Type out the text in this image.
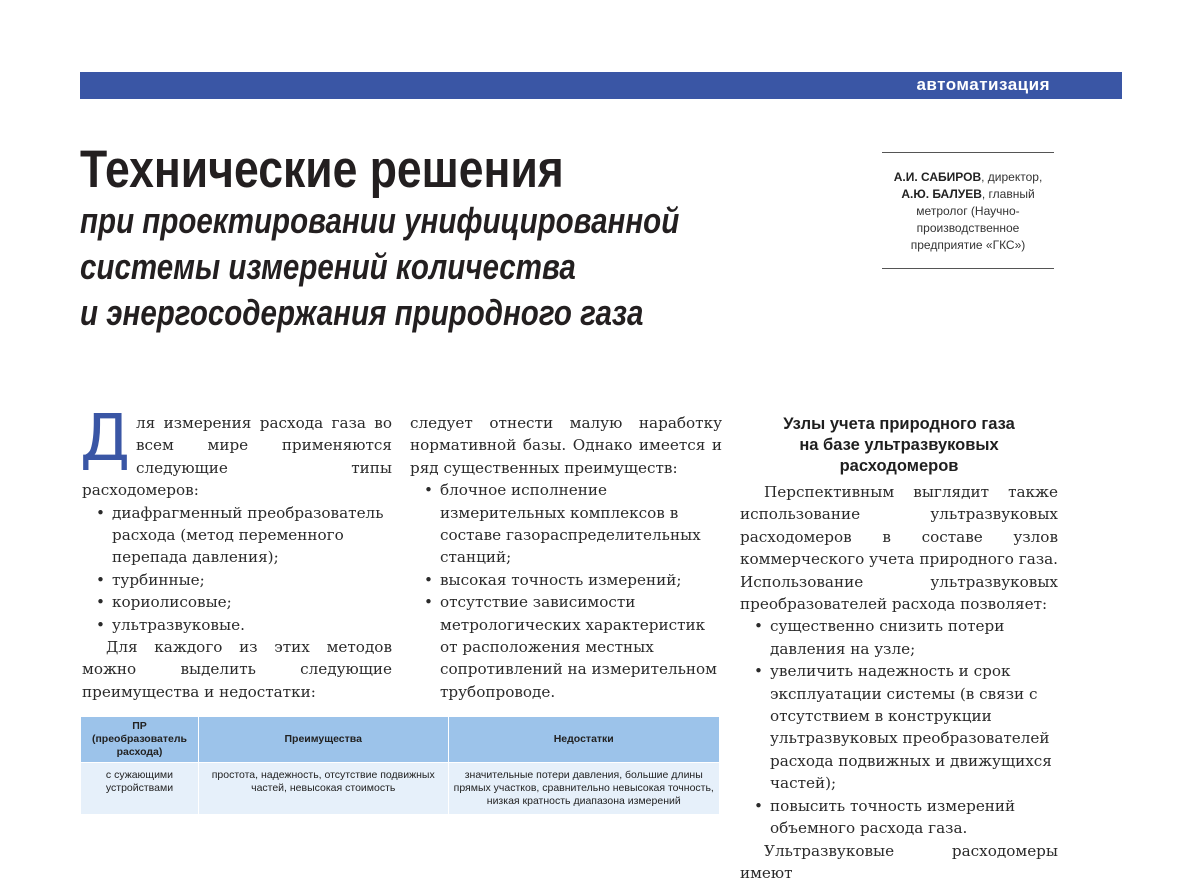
автоматизация
Технические решения
при проектировании унифицированной
системы измерений количества
и энергосодержания природного газа
А.И. САБИРОВ, директор,
А.Ю. БАЛУЕВ, главный метролог (Научно-производственное предприятие «ГКС»)

Для измерения расхода газа во всем мире применяются следующие типы расходомеров:

• диафрагменный преобразователь расхода (метод переменного перепада давления);
• турбинные;
• кориолисовые;
• ультразвуковые.

Для каждого из этих методов можно выделить следующие преимущества и недостатки:

следует отнести малую наработку нормативной базы. Однако имеется и ряд существенных преимуществ:

• блочное исполнение измерительных комплексов в составе газораспределительных станций;
• высокая точность измерений;
• отсутствие зависимости метрологических характеристик от расположения местных сопротивлений на измерительном трубопроводе.
Узлы учета природного газа
на базе ультразвуковых расходомеров

Перспективным выглядит также использование ультразвуковых расходомеров в составе узлов коммерческого учета природного газа. Использование ультразвуковых преобразователей расхода позволяет:

• существенно снизить потери давления на узле;
• увеличить надежность и срок эксплуатации системы (в связи с отсутствием в конструкции ультразвуковых преобразователей расхода подвижных и движущихся частей);
• повысить точность измерений объемного расхода газа.

Ультразвуковые расходомеры имеют

ПР (преобразователь расхода)	Преимущества	Недостатки
с сужающими устройствами	простота, надежность, отсутствие подвижных частей, невысокая стоимость	значительные потери давления, большие длины прямых участков, сравнительно невысокая точность, низкая кратность диапазона измерений
